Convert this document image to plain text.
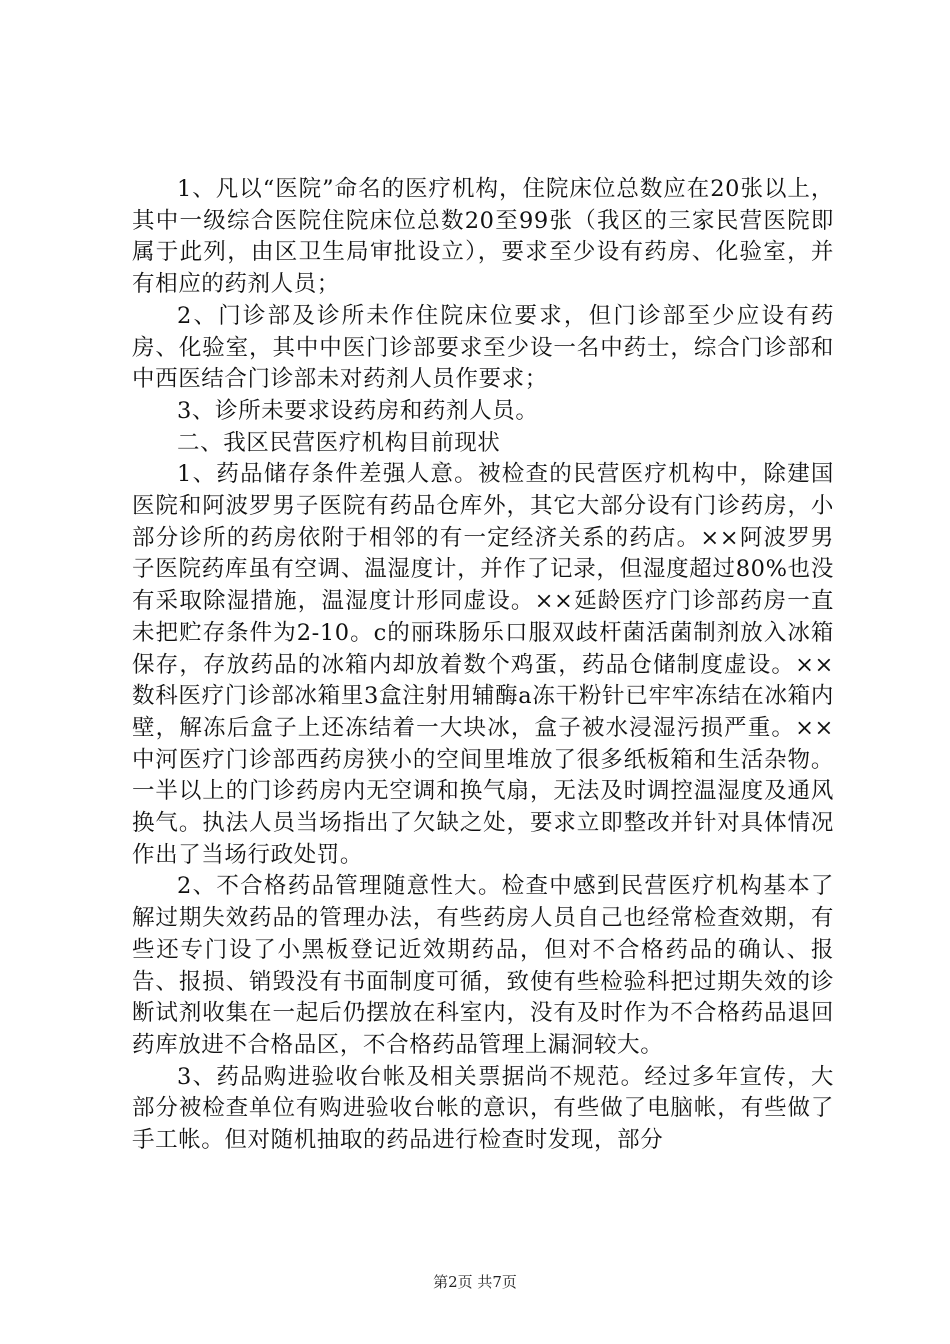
1、凡以“医院”命名的医疗机构，住院床位总数应在20张以上，其中一级综合医院住院床位总数20至99张（我区的三家民营医院即属于此列，由区卫生局审批设立），要求至少设有药房、化验室，并有相应的药剂人员；

2、门诊部及诊所未作住院床位要求，但门诊部至少应设有药房、化验室，其中中医门诊部要求至少设一名中药士，综合门诊部和中西医结合门诊部未对药剂人员作要求；

3、诊所未要求设药房和药剂人员。

二、我区民营医疗机构目前现状

1、药品储存条件差强人意。被检查的民营医疗机构中，除建国医院和阿波罗男子医院有药品仓库外，其它大部分设有门诊药房，小部分诊所的药房依附于相邻的有一定经济关系的药店。××阿波罗男子医院药库虽有空调、温湿度计，并作了记录，但湿度超过80%也没有采取除湿措施，温湿度计形同虚设。××延龄医疗门诊部药房一直未把贮存条件为2-10。c的丽珠肠乐口服双歧杆菌活菌制剂放入冰箱保存，存放药品的冰箱内却放着数个鸡蛋，药品仓储制度虚设。××数科医疗门诊部冰箱里3盒注射用辅酶a冻干粉针已牢牢冻结在冰箱内壁，解冻后盒子上还冻结着一大块冰，盒子被水浸湿污损严重。××中河医疗门诊部西药房狭小的空间里堆放了很多纸板箱和生活杂物。一半以上的门诊药房内无空调和换气扇，无法及时调控温湿度及通风换气。执法人员当场指出了欠缺之处，要求立即整改并针对具体情况作出了当场行政处罚。

2、不合格药品管理随意性大。检查中感到民营医疗机构基本了解过期失效药品的管理办法，有些药房人员自己也经常检查效期，有些还专门设了小黑板登记近效期药品，但对不合格药品的确认、报告、报损、销毁没有书面制度可循，致使有些检验科把过期失效的诊断试剂收集在一起后仍摆放在科室内，没有及时作为不合格药品退回药库放进不合格品区，不合格药品管理上漏洞较大。

3、药品购进验收台帐及相关票据尚不规范。经过多年宣传，大部分被检查单位有购进验收台帐的意识，有些做了电脑帐，有些做了手工帐。但对随机抽取的药品进行检查时发现，部分

第2页 共7页
